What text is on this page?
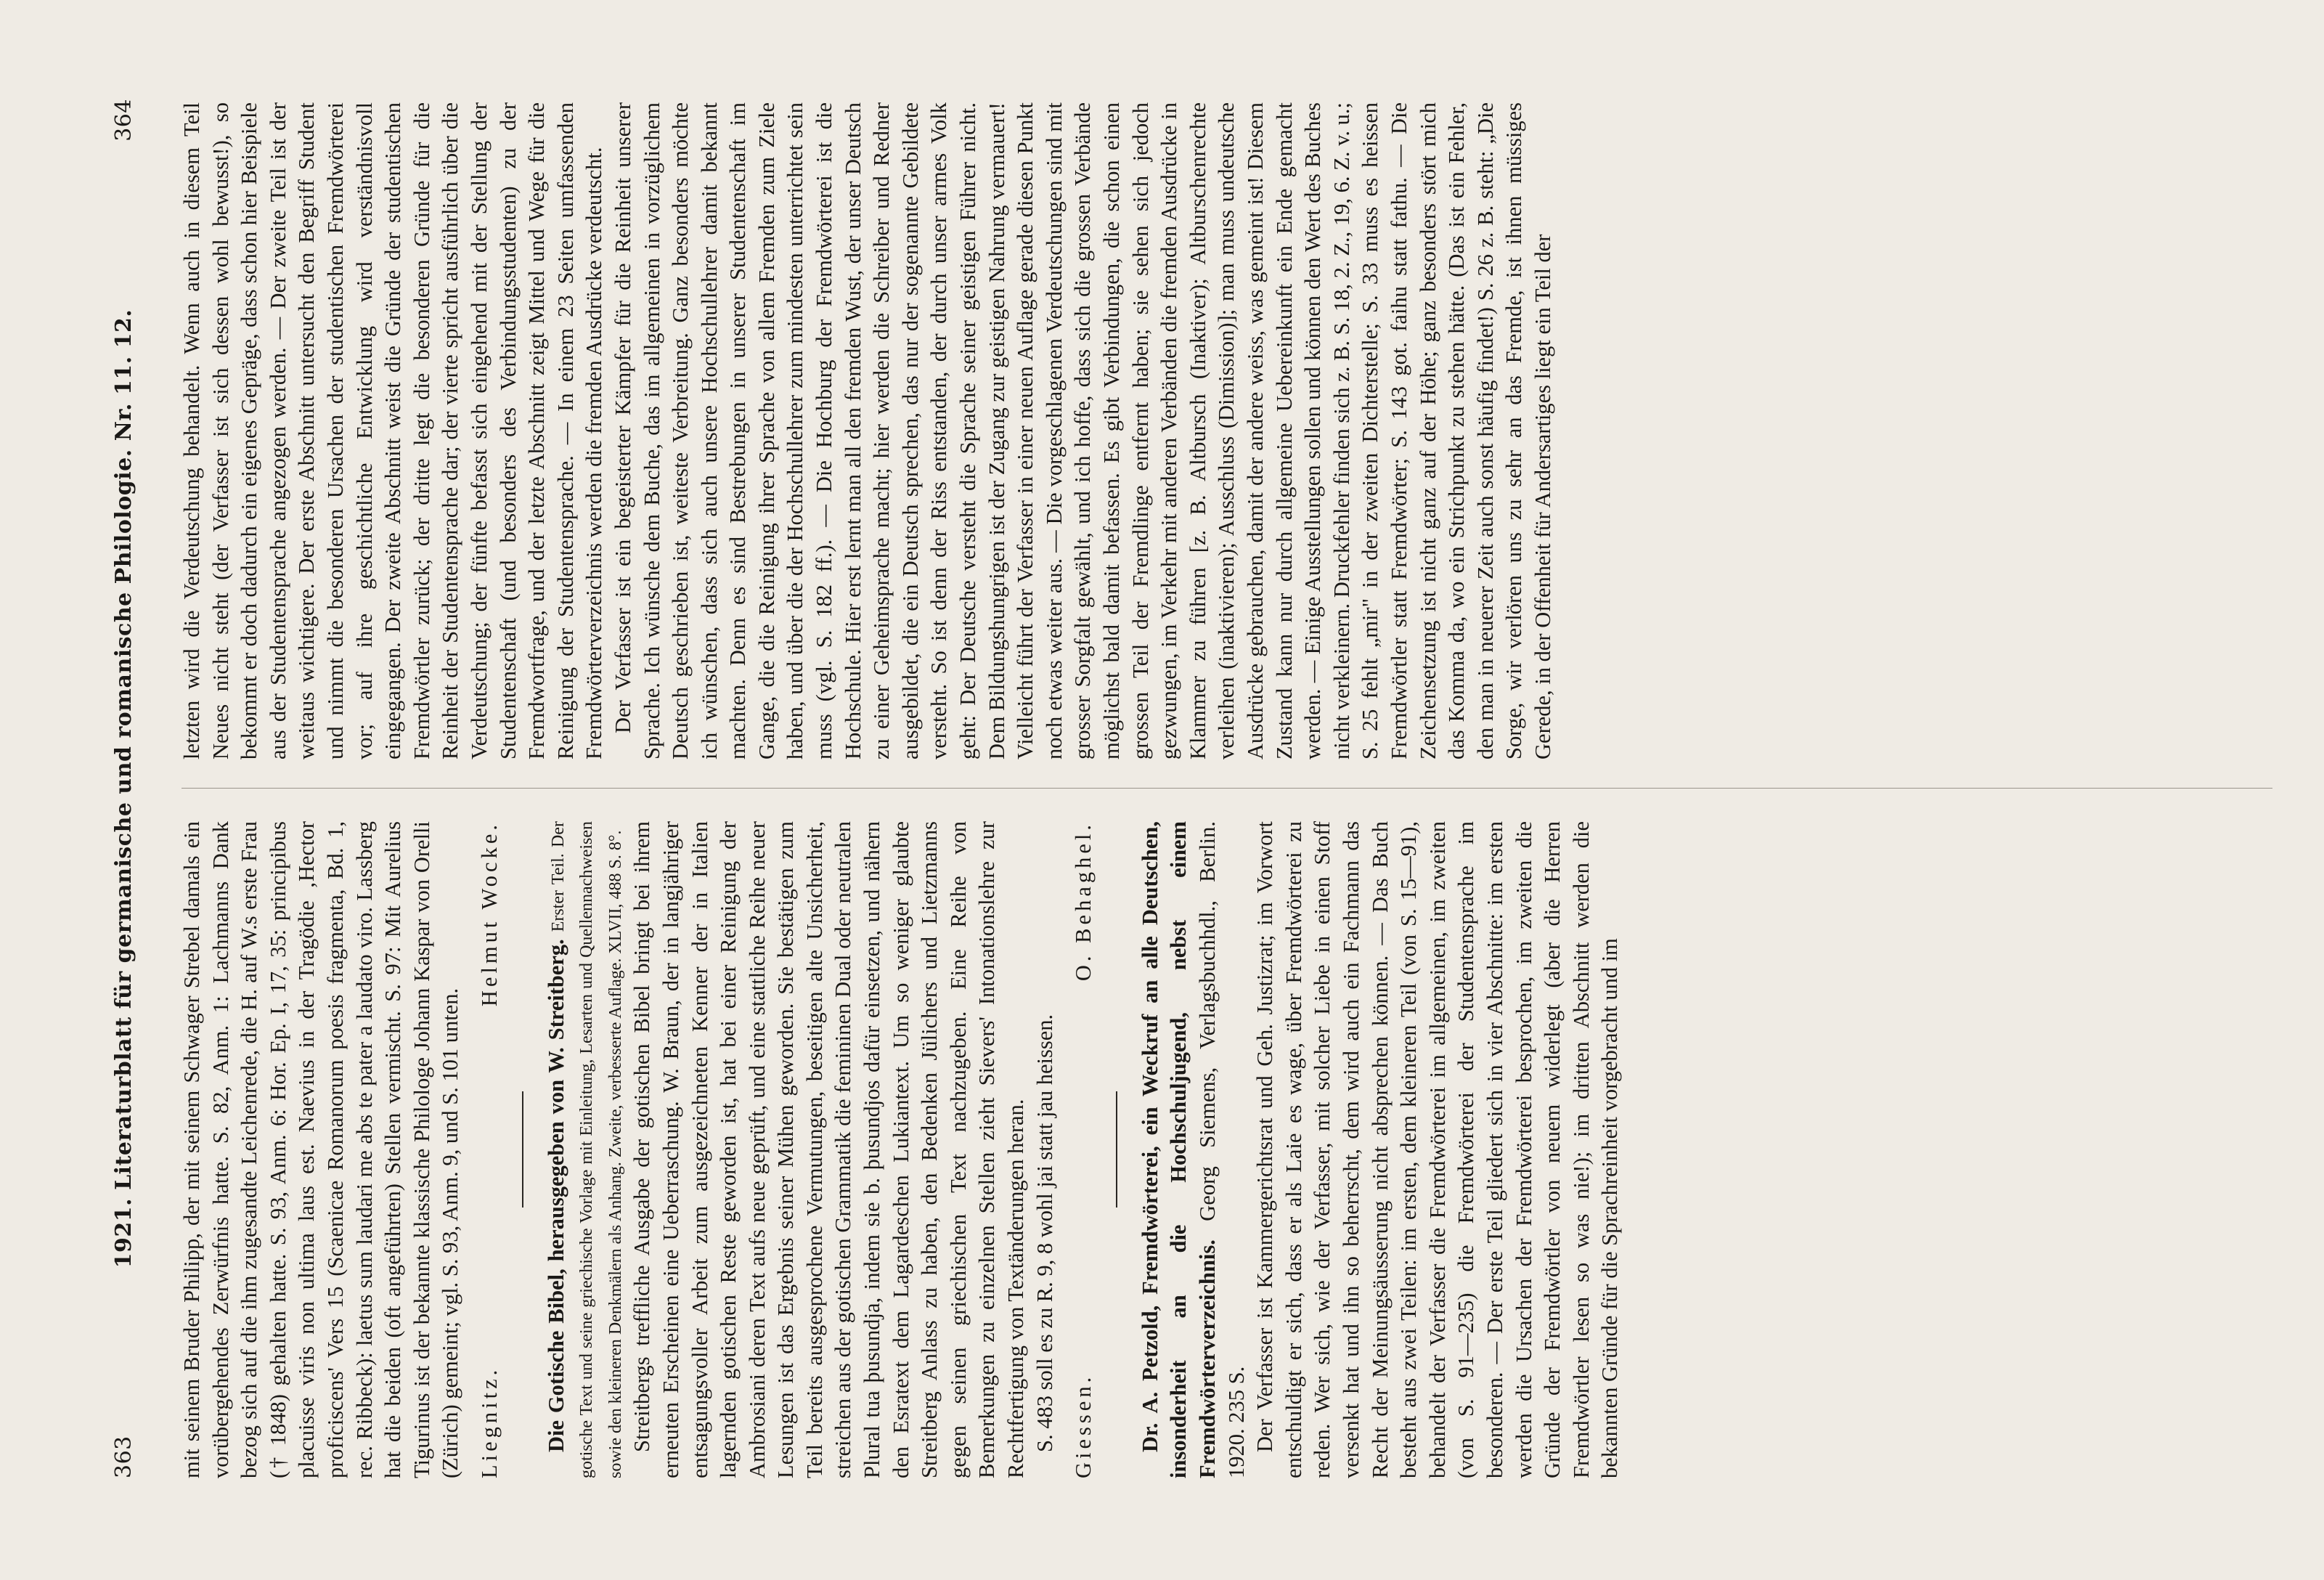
363
1921. Literaturblatt für germanische und romanische Philologie. Nr. 11. 12.
364

mit seinem Bruder Philipp, der mit seinem Schwager Strebel damals ein vorübergehendes Zerwürfnis hatte. S. 82, Anm. 1: Lachmanns Dank bezog sich auf die ihm zugesandte Leichenrede, die H. auf W.s erste Frau († 1848) gehalten hatte. S. 93, Anm. 6: Hor. Ep. I, 17, 35: principibus placuisse viris non ultima laus est. Naevius in der Tragödie ‚Hector proficiscens' Vers 15 (Scaenicae Romanorum poesis fragmenta, Bd. 1, rec. Ribbeck): laetus sum laudari me abs te pater a laudato viro. Lassberg hat die beiden (oft angeführten) Stellen vermischt. S. 97: Mit Aurelius Tigurinus ist der bekannte klassische Philologe Johann Kaspar von Orelli (Zürich) gemeint; vgl. S. 93, Anm. 9, und S. 101 unten. Liegnitz.
Helmut Wocke.

Die Gotische Bibel, herausgegeben von W. Streitberg. Erster Teil. Der gotische Text und seine griechische Vorlage mit Einleitung, Lesarten und Quellennachweisen sowie den kleineren Denkmälern als Anhang. Zweite, verbesserte Auflage. XLVII, 488 S. 8°. Streitbergs treffliche Ausgabe der gotischen Bibel bringt bei ihrem erneuten Erscheinen eine Ueberraschung. W. Braun, der in langjähriger entsagungsvoller Arbeit zum ausgezeichneten Kenner der in Italien lagernden gotischen Reste geworden ist, hat bei einer Reinigung der Ambrosiani deren Text aufs neue geprüft, und eine stattliche Reihe neuer Lesungen ist das Ergebnis seiner Mühen geworden. Sie bestätigen zum Teil bereits ausgesprochene Vermutungen, beseitigen alte Unsicherheit, streichen aus der gotischen Grammatik die femininen Dual oder neutralen Plural tua þusundja, indem sie b. þusundjos dafür einsetzen, und nähern den Esratext dem Lagardeschen Lukiantext. Um so weniger glaubte Streitberg Anlass zu haben, den Bedenken Jülichers und Lietzmanns gegen seinen griechischen Text nachzugeben. Eine Reihe von Bemerkungen zu einzelnen Stellen zieht Sievers' Intonationslehre zur Rechtfertigung von Textänderungen heran. S. 483 soll es zu R. 9, 8 wohl jai statt jau heissen. Giessen.
O. Behaghel. Dr. A. Petzold, Fremdwörterei, ein Weckruf an alle Deutschen, insonderheit an die Hochschuljugend, nebst einem Fremdwörterverzeichnis. Georg Siemens, Verlagsbuchhdl., Berlin. 1920. 235 S. Der Verfasser ist Kammergerichtsrat und Geh. Justizrat; im Vorwort entschuldigt er sich, dass er als Laie es wage, über Fremdwörterei zu reden. Wer sich, wie der Verfasser, mit solcher Liebe in einen Stoff versenkt hat und ihn so beherrscht, dem wird auch ein Fachmann das Recht der Meinungsäusserung nicht absprechen können. — Das Buch besteht aus zwei Teilen: im ersten, dem kleineren Teil (von S. 15—91), behandelt der Verfasser die Fremdwörterei im allgemeinen, im zweiten (von S. 91—235) die Fremdwörterei der Studentensprache im besonderen. — Der erste Teil gliedert sich in vier Abschnitte: im ersten werden die Ursachen der Fremdwörterei besprochen, im zweiten die Gründe der Fremdwörtler von neuem widerlegt (aber die Herren Fremdwörtler lesen so was nie!); im dritten Abschnitt werden die bekannten Gründe für die Sprachreinheit vorgebracht und im

letzten wird die Verdeutschung behandelt. Wenn auch in diesem Teil Neues nicht steht (der Verfasser ist sich dessen wohl bewusst!), so bekommt er doch dadurch ein eigenes Gepräge, dass schon hier Beispiele aus der Studentensprache angezogen werden. — Der zweite Teil ist der weitaus wichtigere. Der erste Abschnitt untersucht den Begriff Student und nimmt die besonderen Ursachen der studentischen Fremdwörterei vor; auf ihre geschichtliche Entwicklung wird verständnisvoll eingegangen. Der zweite Abschnitt weist die Gründe der studentischen Fremdwörtler zurück; der dritte legt die besonderen Gründe für die Reinheit der Studentensprache dar; der vierte spricht ausführlich über die Verdeutschung; der fünfte befasst sich eingehend mit der Stellung der Studentenschaft (und besonders des Verbindungsstudenten) zu der Fremdwortfrage, und der letzte Abschnitt zeigt Mittel und Wege für die Reinigung der Studentensprache. — In einem 23 Seiten umfassenden Fremdwörterverzeichnis werden die fremden Ausdrücke verdeutscht. Der Verfasser ist ein begeisterter Kämpfer für die Reinheit unserer Sprache. Ich wünsche dem Buche, das im allgemeinen in vorzüglichem Deutsch geschrieben ist, weiteste Verbreitung. Ganz besonders möchte ich wünschen, dass sich auch unsere Hochschullehrer damit bekannt machten. Denn es sind Bestrebungen in unserer Studentenschaft im Gange, die die Reinigung ihrer Sprache von allem Fremden zum Ziele haben, und über die der Hochschullehrer zum mindesten unterrichtet sein muss (vgl. S. 182 ff.). — Die Hochburg der Fremdwörterei ist die Hochschule. Hier erst lernt man all den fremden Wust, der unser Deutsch zu einer Geheimsprache macht; hier werden die Schreiber und Redner ausgebildet, die ein Deutsch sprechen, das nur der sogenannte Gebildete versteht. So ist denn der Riss entstanden, der durch unser armes Volk geht: Der Deutsche versteht die Sprache seiner geistigen Führer nicht. Dem Bildungshungrigen ist der Zugang zur geistigen Nahrung vermauert! Vielleicht führt der Verfasser in einer neuen Auflage gerade diesen Punkt noch etwas weiter aus. — Die vorgeschlagenen Verdeutschungen sind mit grosser Sorgfalt gewählt, und ich hoffe, dass sich die grossen Verbände möglichst bald damit befassen. Es gibt Verbindungen, die schon einen grossen Teil der Fremdlinge entfernt haben; sie sehen sich jedoch gezwungen, im Verkehr mit anderen Verbänden die fremden Ausdrücke in Klammer zu führen [z. B. Altbursch (Inaktiver); Altburschenrechte verleihen (inaktivieren); Ausschluss (Dimission)]; man muss undeutsche Ausdrücke gebrauchen, damit der andere weiss, was gemeint ist! Diesem Zustand kann nur durch allgemeine Uebereinkunft ein Ende gemacht werden. — Einige Ausstellungen sollen und können den Wert des Buches nicht verkleinern. Druckfehler finden sich z. B. S. 18, 2. Z., 19, 6. Z. v. u.; S. 25 fehlt „mir" in der zweiten Dichterstelle; S. 33 muss es heissen Fremdwörtler statt Fremdwörter; S. 143 got. faihu statt fathu. — Die Zeichensetzung ist nicht ganz auf der Höhe; ganz besonders stört mich das Komma da, wo ein Strichpunkt zu stehen hätte. (Das ist ein Fehler, den man in neuerer Zeit auch sonst häufig findet!) S. 26 z. B. steht: „Die Sorge, wir verlören uns zu sehr an das Fremde, ist ihnen müssiges Gerede, in der Offenheit für Andersartiges liegt ein Teil der
